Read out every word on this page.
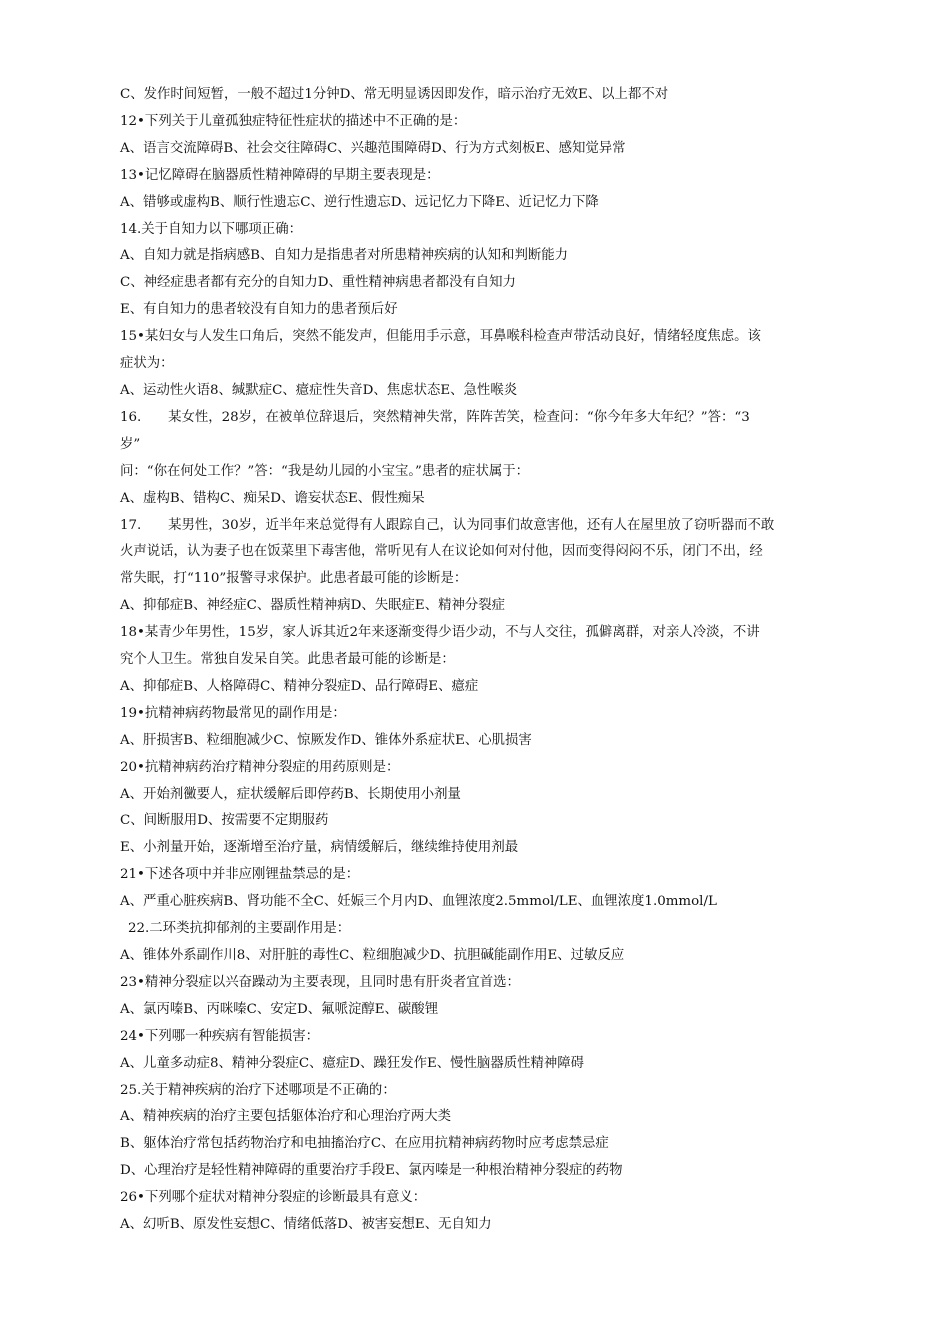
C、发作时间短暂，一般不超过1分钟D、常无明显诱因即发作，暗示治疗无效E、以上都不对
12•下列关于儿童孤独症特征性症状的描述中不正确的是：
A、语言交流障碍B、社会交往障碍C、兴趣范围障碍D、行为方式刻板E、感知觉异常
13•记忆障碍在脑器质性精神障碍的早期主要表现是：
A、错够或虚构B、顺行性遗忘C、逆行性遗忘D、远记忆力下降E、近记忆力下降
14.关于自知力以下哪项正确：
A、自知力就是指病感B、自知力是指患者对所患精神疾病的认知和判断能力
C、神经症患者都有充分的自知力D、重性精神病患者都没有自知力
E、有自知力的患者较没有自知力的患者预后好
15•某妇女与人发生口角后，突然不能发声，但能用手示意，耳鼻喉科检查声带活动良好，情绪轻度焦虑。该
症状为：
A、运动性火语8、缄默症C、癔症性失音D、焦虑状态E、急性喉炎
16.　　某女性，28岁，在被单位辞退后，突然精神失常，阵阵苦笑，检查问：“你今年多大年纪？”答：“3
岁”
问：“你在何处工作？”答：“我是幼儿园的小宝宝。”患者的症状属于：
A、虚构B、错构C、痴呆D、谵妄状态E、假性痴呆
17.　　某男性，30岁，近半年来总觉得有人跟踪自己，认为同事们故意害他，还有人在屋里放了窃听器而不敢
火声说话，认为妻子也在饭菜里下毒害他，常听见有人在议论如何对付他，因而变得闷闷不乐，闭门不出，经
常失眠，打“110”报警寻求保护。此患者最可能的诊断是：
A、抑郁症B、神经症C、器质性精神病D、失眠症E、精神分裂症
18•某青少年男性，15岁，家人诉其近2年来逐渐变得少语少动，不与人交往，孤僻离群，对亲人冷淡，不讲
究个人卫生。常独自发呆自笑。此患者最可能的诊断是：
A、抑郁症B、人格障碍C、精神分裂症D、品行障碍E、癔症
19•抗精神病药物最常见的副作用是：
A、肝损害B、粒细胞减少C、惊厥发作D、锥体外系症状E、心肌损害
20•抗精神病药治疗精神分裂症的用药原则是：
A、开始剂黴要人，症状缓解后即停药B、长期使用小剂量
C、间断服用D、按需要不定期服药
E、小剂量开始，逐渐增至治疗量，病情缓解后，继续维持使用剂最
21•下述各项中并非应刚锂盐禁忌的是：
A、严重心脏疾病B、肾功能不全C、妊娠三个月内D、血锂浓度2.5mmol/LE、血锂浓度1.0mmol/L
22.二环类抗抑郁剂的主要副作用是：
A、锥体外系副作川8、对肝脏的毒性C、粒细胞减少D、抗胆碱能副作用E、过敏反应
23•精神分裂症以兴奋躁动为主要表现，且同时患有肝炎者宜首选：
A、氯丙嗪B、丙咪嗪C、安定D、氟哌淀醇E、碳酸锂
24•下列哪一种疾病有智能损害：
A、儿童多动症8、精神分裂症C、癔症D、躁狂发作E、慢性脑器质性精神障碍
25.关于精神疾病的治疗下述哪项是不正确的：
A、精神疾病的治疗主要包括躯体治疗和心理治疗两大类
B、躯体治疗常包括药物治疗和电抽搐治疗C、在应用抗精神病药物时应考虑禁忌症
D、心理治疗是轻性精神障碍的重要治疗手段E、氯丙嗪是一种根治精神分裂症的药物
26•下列哪个症状对精神分裂症的诊断最具有意义：
A、幻听B、原发性妄想C、情绪低落D、被害妄想E、无自知力
